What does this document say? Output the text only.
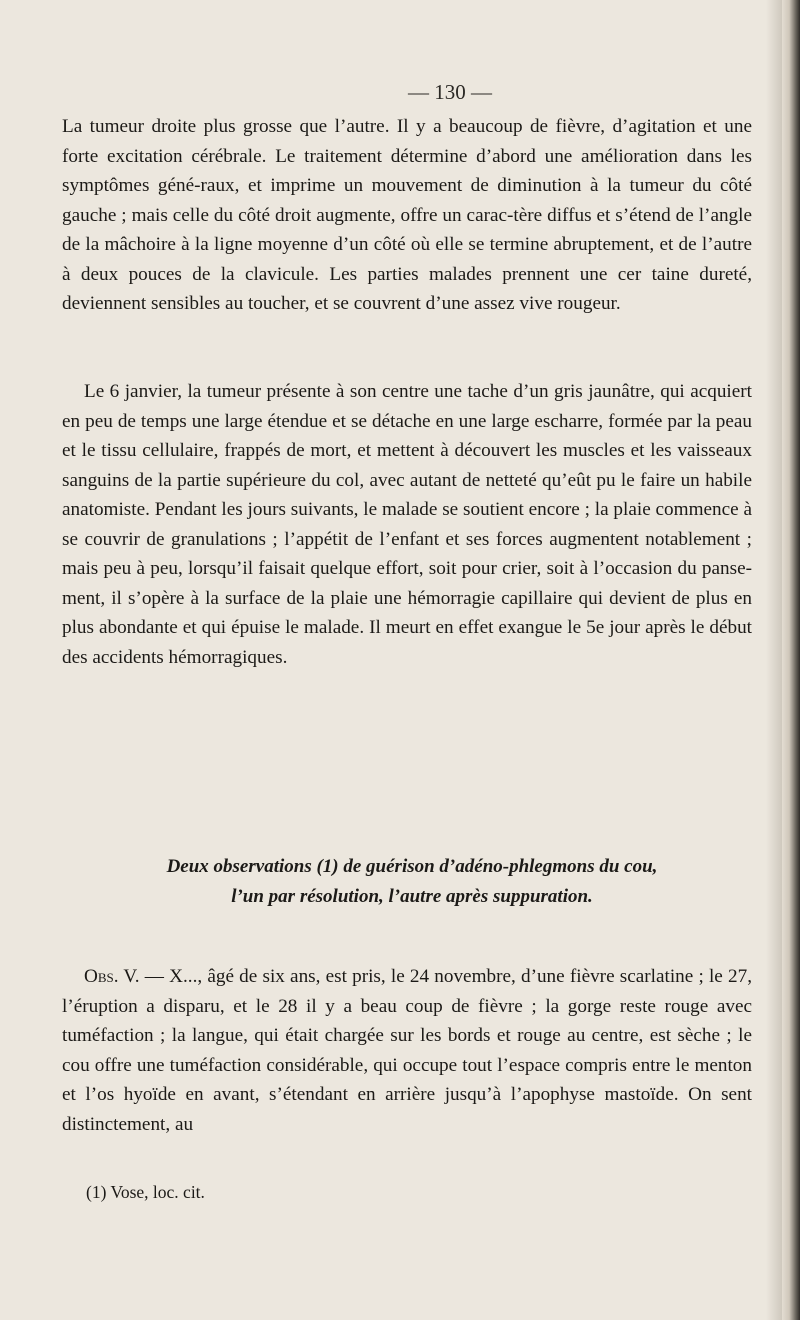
— 130 —

La tumeur droite plus grosse que l’autre. Il y a beaucoup de fièvre, d’agitation et une forte excitation cérébrale. Le traitement détermine d’abord une amélioration dans les symptômes géné-raux, et imprime un mouvement de diminution à la tumeur du côté gauche ; mais celle du côté droit augmente, offre un carac-tère diffus et s’étend de l’angle de la mâchoire à la ligne moyenne d’un côté où elle se termine abruptement, et de l’autre à deux pouces de la clavicule. Les parties malades prennent une cer taine dureté, deviennent sensibles au toucher, et se couvrent d’une assez vive rougeur.

Le 6 janvier, la tumeur présente à son centre une tache d’un gris jaunâtre, qui acquiert en peu de temps une large étendue et se détache en une large escharre, formée par la peau et le tissu cellulaire, frappés de mort, et mettent à découvert les muscles et les vaisseaux sanguins de la partie supérieure du col, avec autant de netteté qu’eût pu le faire un habile anatomiste. Pendant les jours suivants, le malade se soutient encore ; la plaie commence à se couvrir de granulations ; l’appétit de l’enfant et ses forces augmentent notablement ; mais peu à peu, lorsqu’il faisait quelque effort, soit pour crier, soit à l’occasion du panse-ment, il s’opère à la surface de la plaie une hémorragie capillaire qui devient de plus en plus abondante et qui épuise le malade. Il meurt en effet exangue le 5e jour après le début des accidents hémorragiques.

Deux observations (1) de guérison d’adéno-phlegmons du cou,

l’un par résolution, l’autre après suppuration.

Obs. V. — X..., âgé de six ans, est pris, le 24 novembre, d’une fièvre scarlatine ; le 27, l’éruption a disparu, et le 28 il y a beau coup de fièvre ; la gorge reste rouge avec tuméfaction ; la langue, qui était chargée sur les bords et rouge au centre, est sèche ; le cou offre une tuméfaction considérable, qui occupe tout l’espace compris entre le menton et l’os hyoïde en avant, s’étendant en arrière jusqu’à l’apophyse mastoïde. On sent distinctement, au

(1) Vose, loc. cit.
